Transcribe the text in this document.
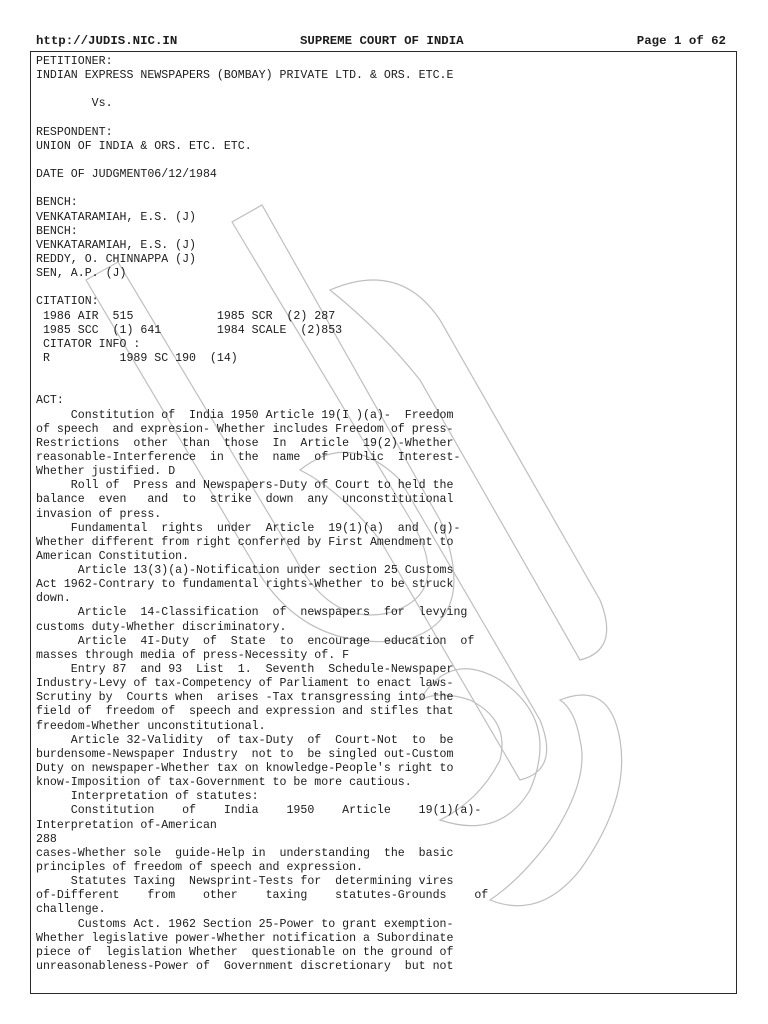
http://JUDIS.NIC.IN	SUPREME COURT OF INDIA	Page 1 of 62
PETITIONER:
INDIAN EXPRESS NEWSPAPERS (BOMBAY) PRIVATE LTD. & ORS. ETC.E
Vs.
RESPONDENT:
UNION OF INDIA & ORS. ETC. ETC.
DATE OF JUDGMENT06/12/1984
BENCH:
VENKATARAMIAH, E.S. (J)
BENCH:
VENKATARAMIAH, E.S. (J)
REDDY, O. CHINNAPPA (J)
SEN, A.P. (J)
CITATION:
1986 AIR  515            1985 SCR  (2) 287
1985 SCC  (1) 641        1984 SCALE  (2)853
CITATOR INFO :
R          1989 SC 190  (14)
ACT:
Constitution of  India 1950 Article 19(I )(a)-  Freedom
of speech  and expresion- Whether includes Freedom of press-
Restrictions  other  than  those  In  Article  19(2)-Whether
reasonable-Interference  in  the  name  of  Public  Interest-
Whether justified. D
Roll of  Press and Newspapers-Duty of Court to held the
balance  even   and  to  strike  down  any  unconstitutional
invasion of press.
Fundamental  rights  under  Article  19(1)(a)  and  (g)-
Whether different from right conferred by First Amendment to
American Constitution.
Article 13(3)(a)-Notification under section 25 Customs
Act 1962-Contrary to fundamental rights-Whether to be struck
down.
Article  14-Classification  of  newspapers  for  levying
customs duty-Whether discriminatory.
Article  4I-Duty  of  State  to  encourage  education  of
masses through media of press-Necessity of. F
Entry 87  and 93  List  1.  Seventh  Schedule-Newspaper
Industry-Levy of tax-Competency of Parliament to enact laws-
Scrutiny by  Courts when  arises -Tax transgressing into the
field of  freedom of  speech and expression and stifles that
freedom-Whether unconstitutional.
Article 32-Validity  of tax-Duty  of  Court-Not  to  be
burdensome-Newspaper Industry  not to  be singled out-Custom
Duty on newspaper-Whether tax on knowledge-People's right to
know-Imposition of tax-Government to be more cautious.
Interpretation of statutes:
Constitution    of    India    1950    Article    19(1)(a)-
Interpretation of-American
288
cases-Whether sole  guide-Help in  understanding  the  basic
principles of freedom of speech and expression.
Statutes Taxing  Newsprint-Tests for  determining vires
of-Different    from    other    taxing    statutes-Grounds    of
challenge.
Customs Act. 1962 Section 25-Power to grant exemption-
Whether legislative power-Whether notification a Subordinate
piece of  legislation Whether  questionable on the ground of
unreasonableness-Power of  Government discretionary  but not
